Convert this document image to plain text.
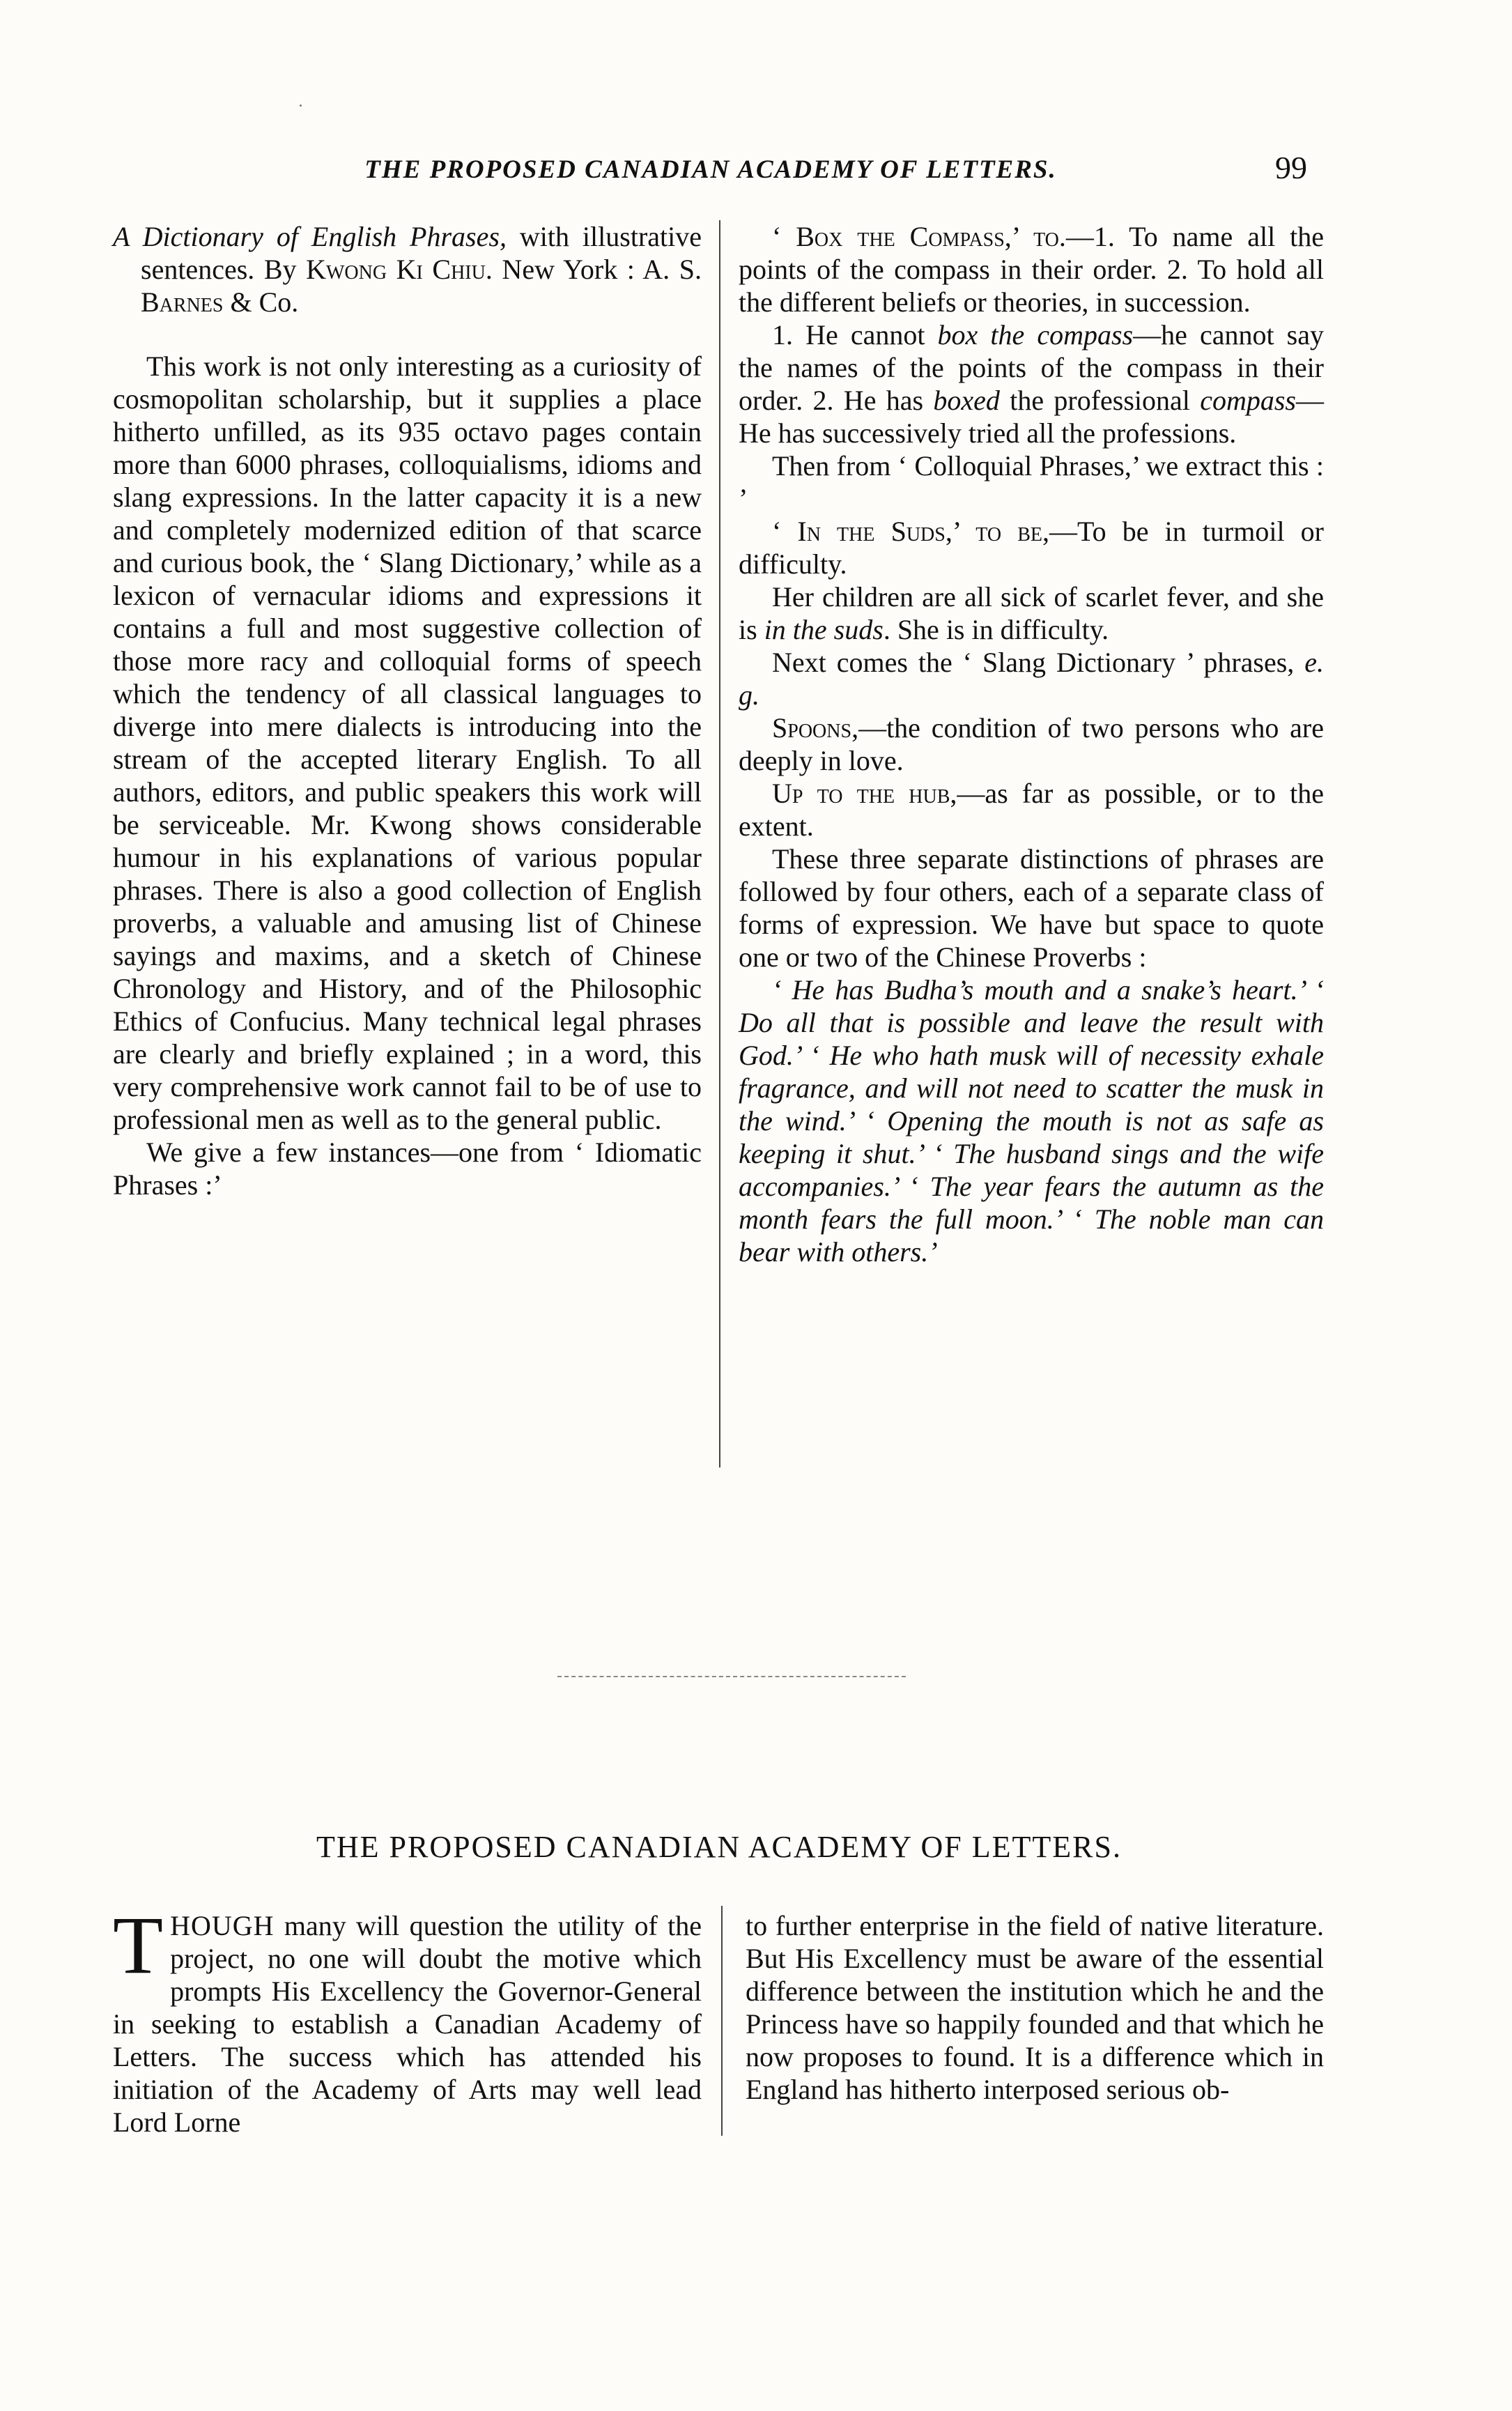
THE PROPOSED CANADIAN ACADEMY OF LETTERS.	99

A Dictionary of English Phrases, with illustrative sentences. By Kwong Ki Chiu. New York : A. S. Barnes & Co.

This work is not only interesting as a curiosity of cosmopolitan scholarship, but it supplies a place hitherto unfilled, as its 935 octavo pages contain more than 6000 phrases, colloquialisms, idioms and slang expressions. In the latter capacity it is a new and completely modernized edition of that scarce and curious book, the ‘ Slang Dictionary,’ while as a lexicon of vernacular idioms and expressions it contains a full and most suggestive collection of those more racy and colloquial forms of speech which the tendency of all classical languages to diverge into mere dialects is introducing into the stream of the accepted literary English. To all authors, editors, and public speakers this work will be serviceable. Mr. Kwong shows considerable humour in his explanations of various popular phrases. There is also a good collection of English proverbs, a valuable and amusing list of Chinese sayings and maxims, and a sketch of Chinese Chronology and History, and of the Philosophic Ethics of Confucius. Many technical legal phrases are clearly and briefly explained ; in a word, this very comprehensive work cannot fail to be of use to professional men as well as to the general public.

We give a few instances—one from ‘ Idiomatic Phrases :’

‘ Box the Compass,’ to.—1. To name all the points of the compass in their order. 2. To hold all the different beliefs or theories, in succession.

1. He cannot box the compass—he cannot say the names of the points of the compass in their order. 2. He has boxed the professional compass—He has successively tried all the professions.

Then from ‘ Colloquial Phrases,’ we extract this : ’

‘ In the Suds,’ to be,—To be in turmoil or difficulty.

Her children are all sick of scarlet fever, and she is in the suds. She is in difficulty.

Next comes the ‘ Slang Dictionary ’ phrases, e. g.

Spoons,—the condition of two persons who are deeply in love.

Up to the hub,—as far as possible, or to the extent.

These three separate distinctions of phrases are followed by four others, each of a separate class of forms of expression. We have but space to quote one or two of the Chinese Proverbs :

‘ He has Budha’s mouth and a snake’s heart.’ ‘ Do all that is possible and leave the result with God.’ ‘ He who hath musk will of necessity exhale fragrance, and will not need to scatter the musk in the wind.’ ‘ Opening the mouth is not as safe as keeping it shut.’ ‘ The husband sings and the wife accompanies.’ ‘ The year fears the autumn as the month fears the full moon.’ ‘ The noble man can bear with others.’

THE PROPOSED CANADIAN ACADEMY OF LETTERS.

THOUGH many will question the utility of the project, no one will doubt the motive which prompts His Excellency the Governor-General in seeking to establish a Canadian Academy of Letters. The success which has attended his initiation of the Academy of Arts may well lead Lord Lorne

to further enterprise in the field of native literature. But His Excellency must be aware of the essential difference between the institution which he and the Princess have so happily founded and that which he now proposes to found. It is a difference which in England has hitherto interposed serious ob-
